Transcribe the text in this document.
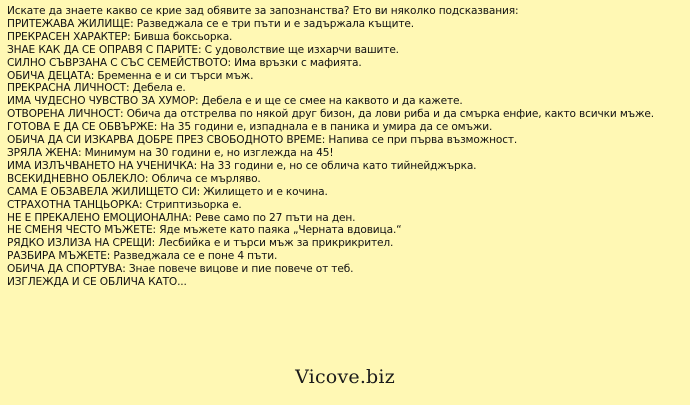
Искате да знаете какво се крие зад обявите за запознанства? Ето ви няколко подсказвания:
ПРИТЕЖАВА ЖИЛИЩЕ: Разведжала се е три пъти и е задържала къщите.
ПРЕКРАСЕН ХАРАКТЕР: Бивша боксьорка.
ЗНАЕ КАК ДА СЕ ОПРАВЯ С ПАРИТЕ: С удоволствие ще изхарчи вашите.
СИЛНО СЪВРЗАНА С СЪС СЕМЕЙСТВОТО: Има връзки с мафията.
ОБИЧА ДЕЦАТА: Бременна е и си търси мъж.
ПРЕКРАСНА ЛИЧНОСТ: Дебела е.
ИМА ЧУДЕСНО ЧУВСТВО ЗА ХУМОР: Дебела е и ще се смее на каквото и да кажете.
ОТВОРЕНА ЛИЧНОСТ: Обича да отстрелва по някой друг бизон, да лови риба и да смърка енфие, както всички мъже.
ГОТОВА Е ДА СЕ ОБВЪРЖЕ: На 35 години е, изпаднала е в паника и умира да се омъжи.
ОБИЧА ДА СИ ИЗКАРВА ДОБРЕ ПРЕЗ СВОБОДНОТО ВРЕМЕ: Напива се при първа възможност.
ЗРЯЛА ЖЕНА: Минимум на 30 години е, но изглежда на 45!
ИМА ИЗЛЪЧВАНЕТО НА УЧЕНИЧКА: На 33 години е, но се облича като тийнейджърка.
ВСЕКИДНЕВНО ОБЛЕКЛО: Облича се мърляво.
САМА Е ОБЗАВЕЛА ЖИЛИЩЕТО СИ: Жилището и е кочина.
СТРАХОТНА ТАНЦЬОРКА: Стриптизьорка е.
НЕ Е ПРЕКАЛЕНО ЕМОЦИОНАЛНА: Реве само по 27 пъти на ден.
НЕ СМЕНЯ ЧЕСТО МЪЖЕТЕ: Яде мъжете като паяка „Черната вдовица.“
РЯДКО ИЗЛИЗА НА СРЕЩИ: Лесбийка е и търси мъж за прикрикрител.
РАЗБИРА МЪЖЕТЕ: Разведжала се е поне 4 пъти.
ОБИЧА ДА СПОРТУВА: Знае повече вицове и пие повече от теб.
ИЗГЛЕЖДА И СЕ ОБЛИЧА КАТО...
Vicove.biz
